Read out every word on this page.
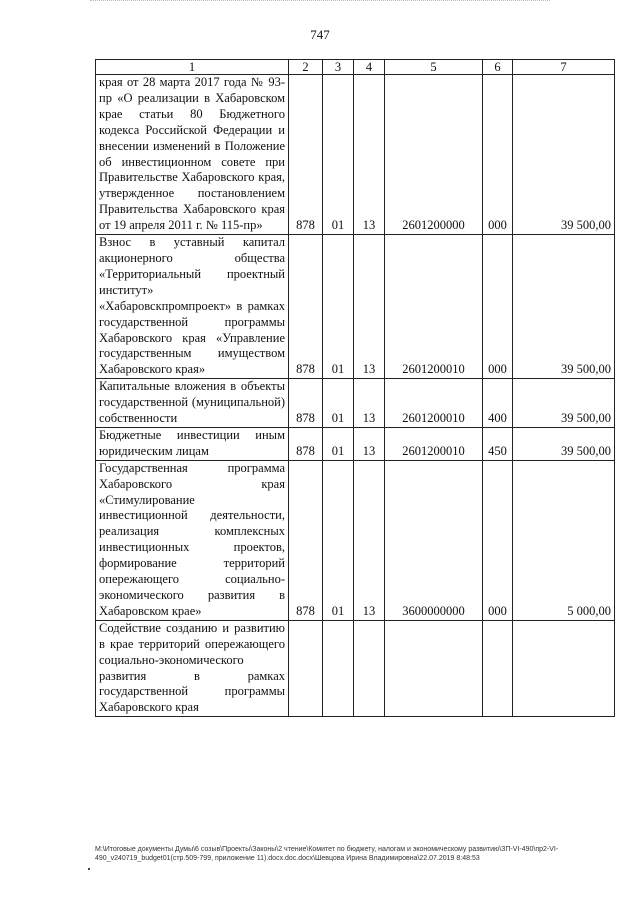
747
1	2	3	4	5	6	7
края от 28 марта 2017 года № 93-пр «О реализации в Хабаровском крае статьи 80 Бюджетного кодекса Российской Федерации и внесении изменений в Положение об инвестиционном совете при Правительстве Хабаровского края, утвержденное постановлением Правительства Хабаровского края от 19 апреля 2011 г. № 115-пр»	878	01	13	2601200000	000	39 500,00
Взнос в уставный капитал акционерного общества «Территориальный проектный институт» «Хабаровскпромпроект» в рамках государственной программы Хабаровского края «Управление государственным имуществом Хабаровского края»	878	01	13	2601200010	000	39 500,00
Капитальные вложения в объекты государственной (муниципальной) собственности	878	01	13	2601200010	400	39 500,00
Бюджетные инвестиции иным юридическим лицам	878	01	13	2601200010	450	39 500,00
Государственная программа Хабаровского края «Стимулирование инвестиционной деятельности, реализация комплексных инвестиционных проектов, формирование территорий опережающего социально-экономического развития в Хабаровском крае»	878	01	13	3600000000	000	5 000,00
Содействие созданию и развитию в крае территорий опережающего социально-экономического развития в рамках государственной программы Хабаровского края						
М:\Итоговые документы Думы\6 созыв\Проекты\Законы\2 чтение\Комитет по бюджету, налогам и экономическому развитию\ЗП-VI-490\пр2-VI-
490_v240719_budget01(стр.509-799, приложение 11).docx.doc.docx\Шевцова Ирина Владимировна\22.07.2019 8:48:53
